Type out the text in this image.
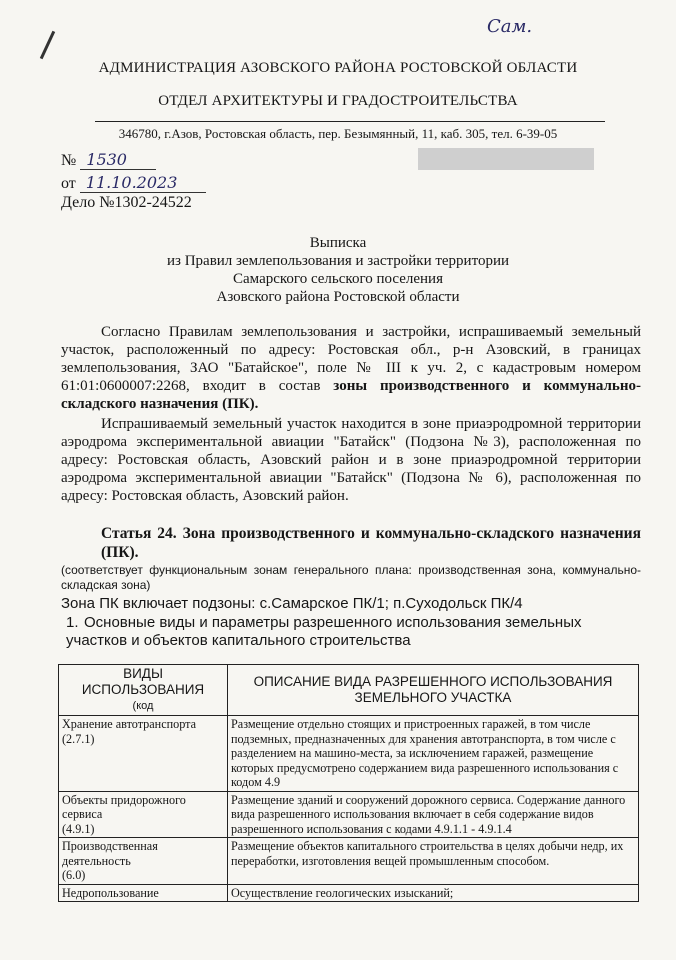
Сам.
АДМИНИСТРАЦИЯ АЗОВСКОГО РАЙОНА РОСТОВСКОЙ ОБЛАСТИ
ОТДЕЛ АРХИТЕКТУРЫ И ГРАДОСТРОИТЕЛЬСТВА
346780, г.Азов, Ростовская область, пер. Безымянный, 11, каб. 305, тел. 6-39-05
№ 1530
от 11.10.2023
Дело №1302-24522
Выписка
из Правил землепользования и застройки территории
Самарского сельского поселения
Азовского района Ростовской области
Согласно Правилам землепользования и застройки, испрашиваемый земельный участок, расположенный по адресу: Ростовская обл., р-н Азовский, в границах землепользования, ЗАО "Батайское", поле № III к уч. 2, с кадастровым номером 61:01:0600007:2268, входит в состав зоны производственного и коммунально-складского назначения (ПК).
Испрашиваемый земельный участок находится в зоне приаэродромной территории аэродрома экспериментальной авиации "Батайск" (Подзона №3), расположенная по адресу: Ростовская область, Азовский район и в зоне приаэродромной территории аэродрома экспериментальной авиации "Батайск" (Подзона № 6), расположенная по адресу: Ростовская область, Азовский район.
Статья 24. Зона производственного и коммунально-складского назначения (ПК).
(соответствует функциональным зонам генерального плана: производственная зона, коммунально-складская зона)
Зона ПК включает подзоны: с.Самарское ПК/1; п.Суходольск ПК/4
1. Основные виды и параметры разрешенного использования земельных участков и объектов капитального строительства
ВИДЫ ИСПОЛЬЗОВАНИЯ
(код	ОПИСАНИЕ ВИДА РАЗРЕШЕННОГО ИСПОЛЬЗОВАНИЯ ЗЕМЕЛЬНОГО УЧАСТКА
Хранение автотранспорта
(2.7.1)	Размещение отдельно стоящих и пристроенных гаражей, в том числе подземных, предназначенных для хранения автотранспорта, в том числе с разделением на машино-места, за исключением гаражей, размещение которых предусмотрено содержанием вида разрешенного использования с кодом 4.9
Объекты придорожного сервиса
(4.9.1)	Размещение зданий и сооружений дорожного сервиса. Содержание данного вида разрешенного использования включает в себя содержание видов разрешенного использования с кодами 4.9.1.1 - 4.9.1.4
Производственная деятельность
(6.0)	Размещение объектов капитального строительства в целях добычи недр, их переработки, изготовления вещей промышленным способом.
Недропользование	Осуществление геологических изысканий;
